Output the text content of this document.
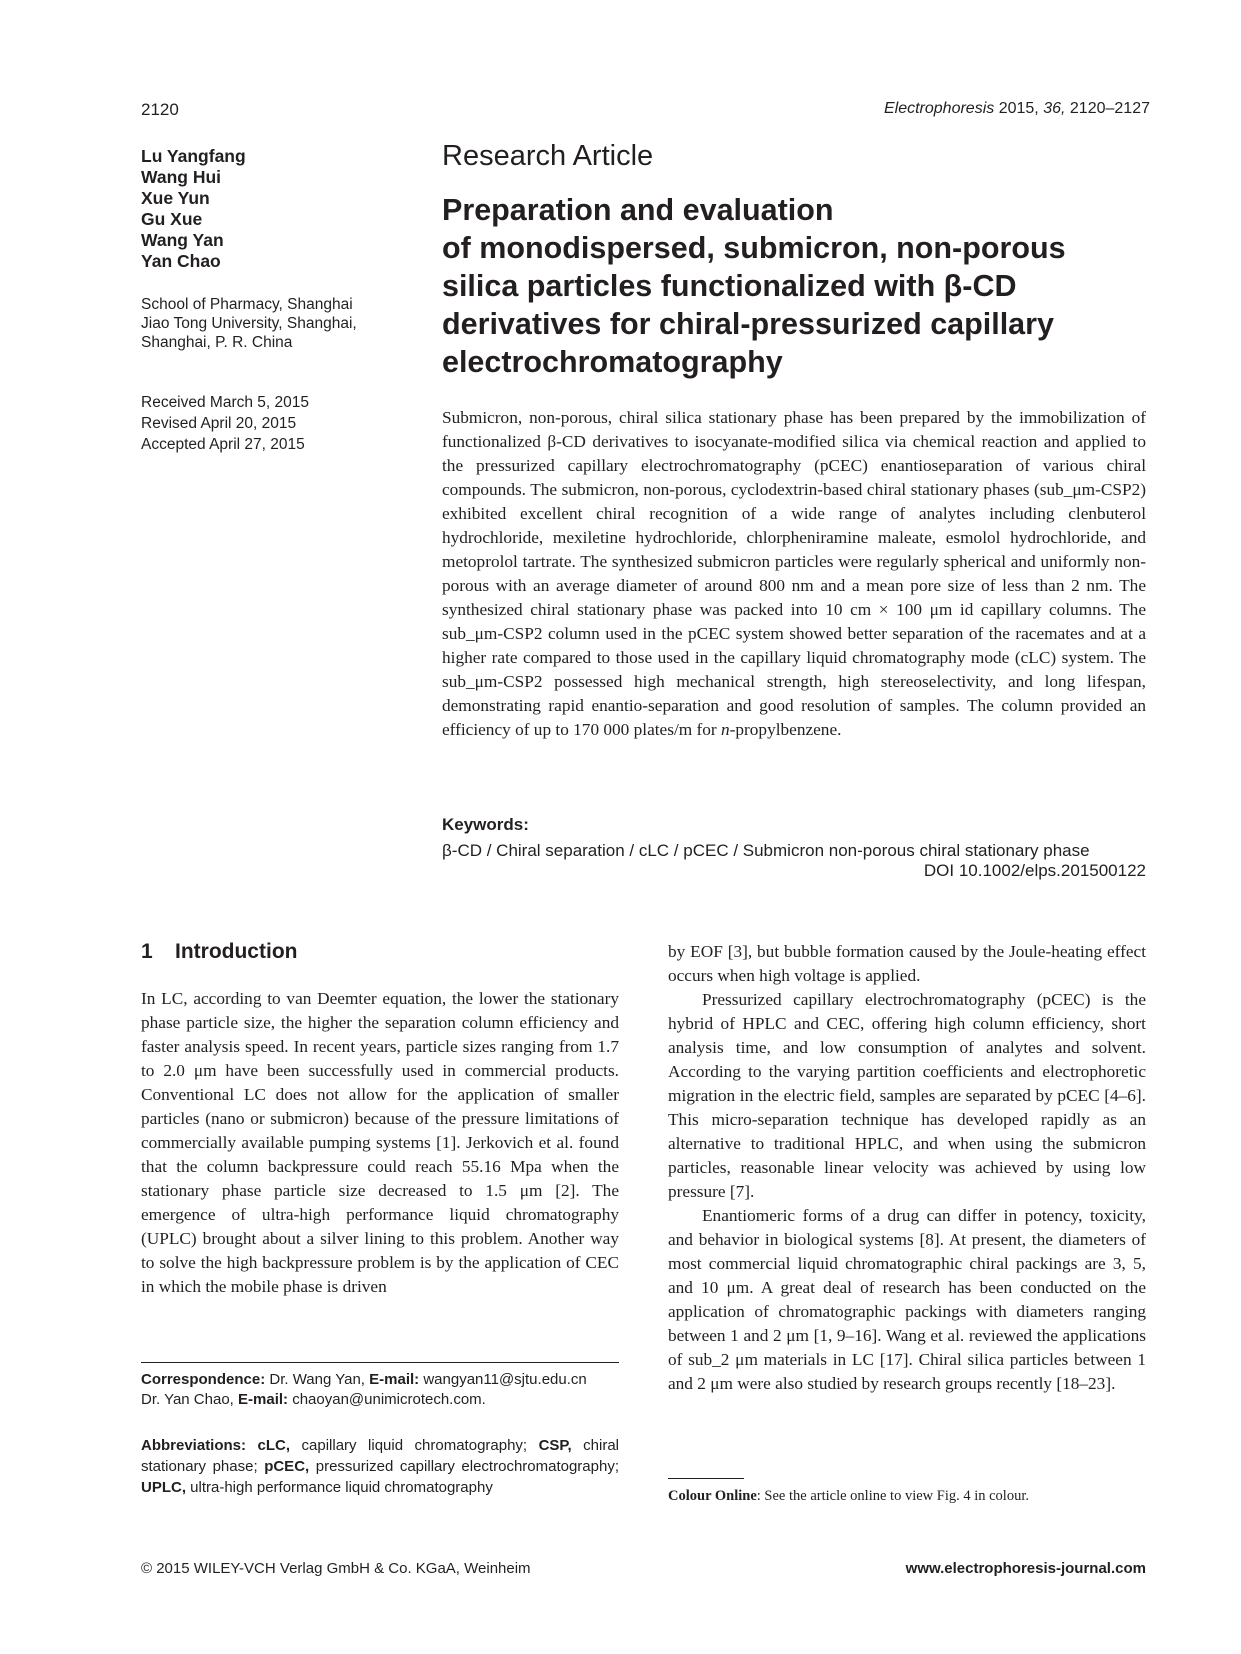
2120	Electrophoresis 2015, 36, 2120–2127
Lu Yangfang
Wang Hui
Xue Yun
Gu Xue
Wang Yan
Yan Chao
School of Pharmacy, Shanghai
Jiao Tong University, Shanghai,
Shanghai, P. R. China
Received March 5, 2015
Revised April 20, 2015
Accepted April 27, 2015
Research Article
Preparation and evaluation
of monodispersed, submicron, non-porous
silica particles functionalized with β-CD
derivatives for chiral-pressurized capillary
electrochromatography

Submicron, non-porous, chiral silica stationary phase has been prepared by the immobilization of functionalized β-CD derivatives to isocyanate-modified silica via chemical reaction and applied to the pressurized capillary electrochromatography (pCEC) enantioseparation of various chiral compounds. The submicron, non-porous, cyclodextrin-based chiral stationary phases (sub_μm-CSP2) exhibited excellent chiral recognition of a wide range of analytes including clenbuterol hydrochloride, mexiletine hydrochloride, chlorpheniramine maleate, esmolol hydrochloride, and metoprolol tartrate. The synthesized submicron particles were regularly spherical and uniformly non-porous with an average diameter of around 800 nm and a mean pore size of less than 2 nm. The synthesized chiral stationary phase was packed into 10 cm × 100 μm id capillary columns. The sub_μm-CSP2 column used in the pCEC system showed better separation of the racemates and at a higher rate compared to those used in the capillary liquid chromatography mode (cLC) system. The sub_μm-CSP2 possessed high mechanical strength, high stereoselectivity, and long lifespan, demonstrating rapid enantio-separation and good resolution of samples. The column provided an efficiency of up to 170 000 plates/m for n-propylbenzene.

Keywords:
β-CD / Chiral separation / cLC / pCEC / Submicron non-porous chiral stationary phase
DOI 10.1002/elps.201500122
1 Introduction

In LC, according to van Deemter equation, the lower the stationary phase particle size, the higher the separation column efficiency and faster analysis speed. In recent years, particle sizes ranging from 1.7 to 2.0 μm have been successfully used in commercial products. Conventional LC does not allow for the application of smaller particles (nano or submicron) because of the pressure limitations of commercially available pumping systems [1]. Jerkovich et al. found that the column backpressure could reach 55.16 Mpa when the stationary phase particle size decreased to 1.5 μm [2]. The emergence of ultra-high performance liquid chromatography (UPLC) brought about a silver lining to this problem. Another way to solve the high backpressure problem is by the application of CEC in which the mobile phase is driven

by EOF [3], but bubble formation caused by the Joule-heating effect occurs when high voltage is applied.

Pressurized capillary electrochromatography (pCEC) is the hybrid of HPLC and CEC, offering high column efficiency, short analysis time, and low consumption of analytes and solvent. According to the varying partition coefficients and electrophoretic migration in the electric field, samples are separated by pCEC [4–6]. This micro-separation technique has developed rapidly as an alternative to traditional HPLC, and when using the submicron particles, reasonable linear velocity was achieved by using low pressure [7].

Enantiomeric forms of a drug can differ in potency, toxicity, and behavior in biological systems [8]. At present, the diameters of most commercial liquid chromatographic chiral packings are 3, 5, and 10 μm. A great deal of research has been conducted on the application of chromatographic packings with diameters ranging between 1 and 2 μm [1, 9–16]. Wang et al. reviewed the applications of sub_2 μm materials in LC [17]. Chiral silica particles between 1 and 2 μm were also studied by research groups recently [18–23].

Correspondence: Dr. Wang Yan, E-mail: wangyan11@sjtu.edu.cn
Dr. Yan Chao, E-mail: chaoyan@unimicrotech.com.
Abbreviations: cLC, capillary liquid chromatography; CSP, chiral stationary phase; pCEC, pressurized capillary electrochromatography; UPLC, ultra-high performance liquid chromatography	Colour Online: See the article online to view Fig. 4 in colour.
© 2015 WILEY-VCH Verlag GmbH & Co. KGaA, Weinheim	www.electrophoresis-journal.com
